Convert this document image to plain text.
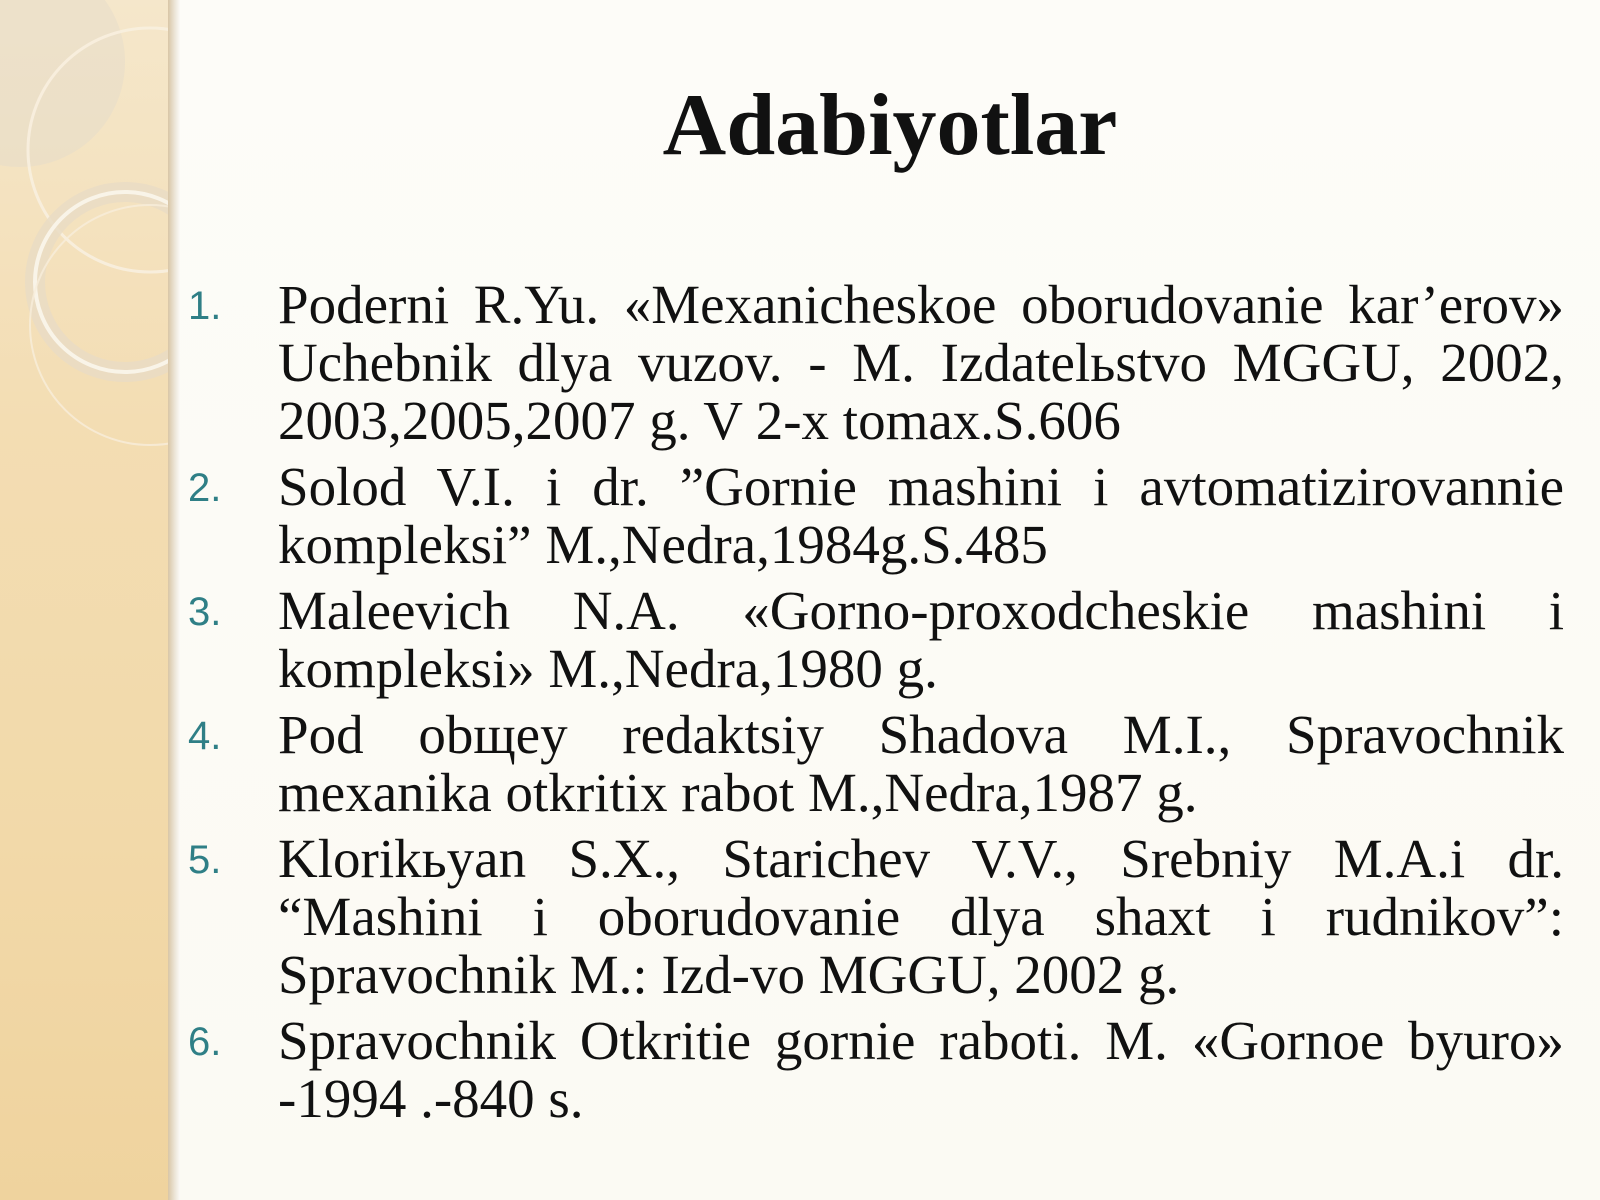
Adabiyotlar
1. Poderni R.Yu. «Mexanicheskoe oborudovanie kar’erov» Uchebnik dlya vuzov. - M. Izdatelьstvo MGGU, 2002, 2003,2005,2007 g. V 2-x tomax.S.606
2. Solod V.I. i dr. ”Gornie mashini i avtomatizirovannie kompleksi” M.,Nedra,1984g.S.485
3. Maleevich N.A. «Gorno-proxodcheskie mashini i kompleksi» M.,Nedra,1980 g.
4. Pod obщey redaktsiy Shadova M.I., Spravochnik mexanika otkritix rabot M.,Nedra,1987 g.
5. Klorikьyan S.X., Starichev V.V., Srebniy M.A.i dr. “Mashini i oborudovanie dlya shaxt i rudnikov”: Spravochnik M.: Izd-vo MGGU, 2002 g.
6. Spravochnik Otkritie gornie raboti. M. «Gornoe byuro» -1994 .-840 s.
